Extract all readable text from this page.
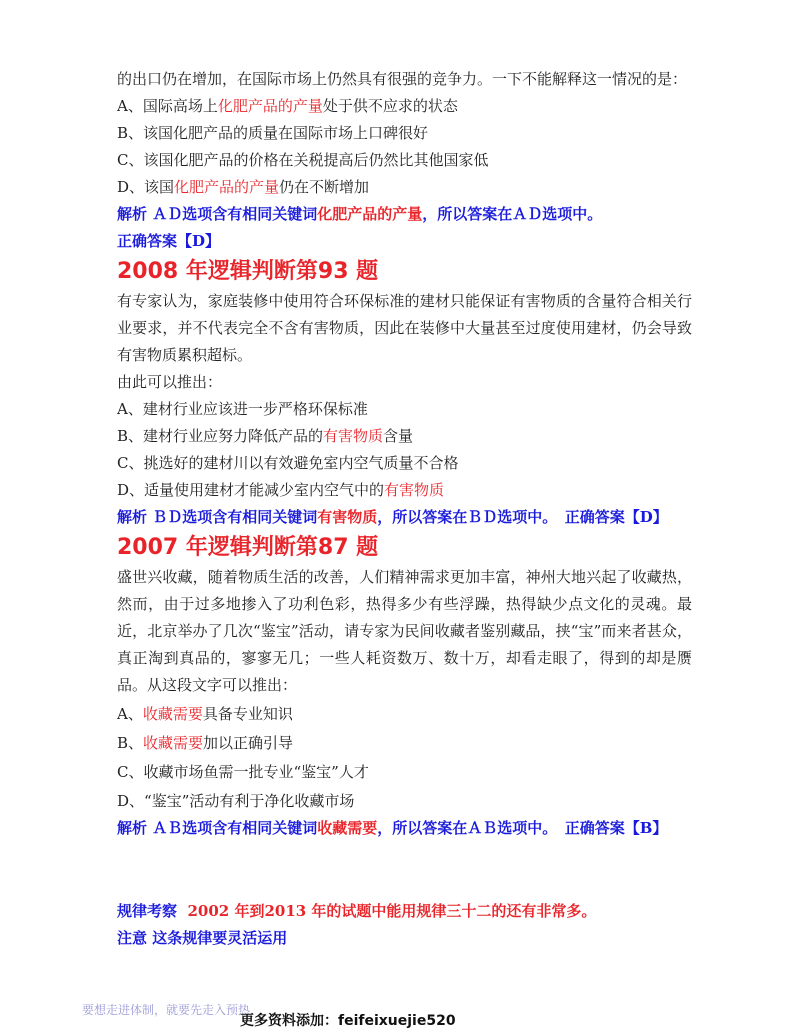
的出口仍在增加，在国际市场上仍然具有很强的竞争力。一下不能解释这一情况的是：

A、国际高场上化肥产品的产量处于供不应求的状态

B、该国化肥产品的质量在国际市场上口碑很好

C、该国化肥产品的价格在关税提高后仍然比其他国家低

D、该国化肥产品的产量仍在不断增加

解析 ＡＤ选项含有相同关键词化肥产品的产量，所以答案在ＡＤ选项中。

正确答案【D】

2008 年逻辑判断第93 题

有专家认为，家庭装修中使用符合环保标准的建材只能保证有害物质的含量符合相关行业要求，并不代表完全不含有害物质，因此在装修中大量甚至过度使用建材，仍会导致有害物质累积超标。

由此可以推出：

A、建材行业应该进一步严格环保标准

B、建材行业应努力降低产品的有害物质含量

C、挑选好的建材川以有效避免室内空气质量不合格

D、适量使用建材才能减少室内空气中的有害物质

解析 ＢＤ选项含有相同关键词有害物质，所以答案在ＢＤ选项中。　正确答案【D】

2007 年逻辑判断第87 题

盛世兴收藏，随着物质生活的改善，人们精神需求更加丰富，神州大地兴起了收藏热，然而，由于过多地掺入了功利色彩，热得多少有些浮躁，热得缺少点文化的灵魂。最近，北京举办了几次“鉴宝”活动，请专家为民间收藏者鉴别藏品，挟“宝”而来者甚众，真正淘到真品的，寥寥无几；一些人耗资数万、数十万，却看走眼了，得到的却是赝品。从这段文字可以推出：

A、收藏需要具备专业知识

B、收藏需要加以正确引导

C、收藏市场鱼需一批专业“鉴宝”人才

D、“鉴宝”活动有利于净化收藏市场

解析 ＡＢ选项含有相同关键词收藏需要，所以答案在ＡＢ选项中。　正确答案【B】

规律考察 2002 年到2013 年的试题中能用规律三十二的还有非常多。

注意 这条规律要灵活运用

要想走进体制，就要先走入预热
更多资料添加：feifeixuejie520
